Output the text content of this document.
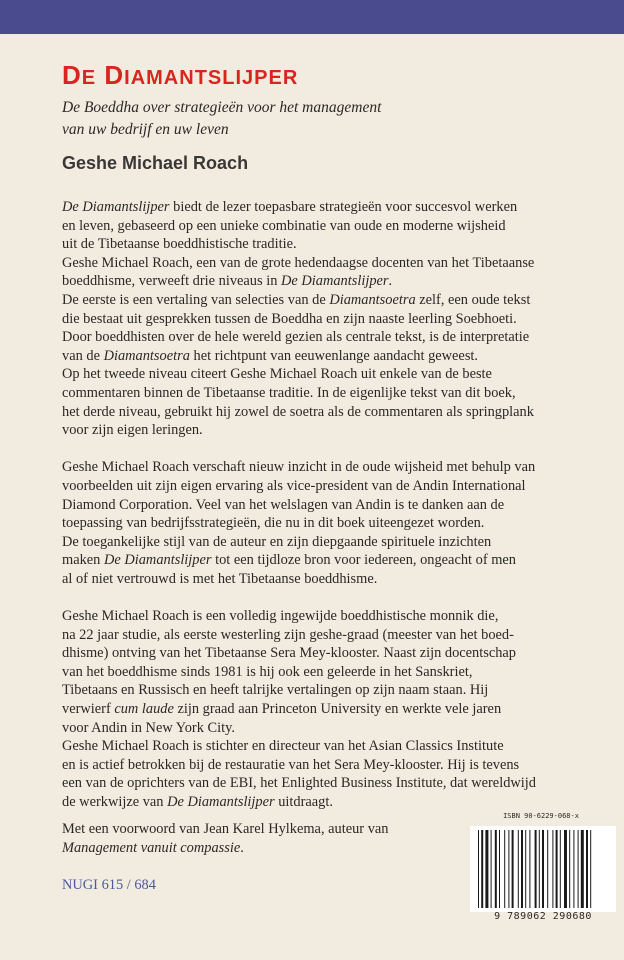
DE DIAMANTSLIJPER
De Boeddha over strategieën voor het management
van uw bedrijf en uw leven
Geshe Michael Roach

De Diamantslijper biedt de lezer toepasbare strategieën voor succesvol werken
en leven, gebaseerd op een unieke combinatie van oude en moderne wijsheid
uit de Tibetaanse boeddhistische traditie.
Geshe Michael Roach, een van de grote hedendaagse docenten van het Tibetaanse
boeddhisme, verweeft drie niveaus in De Diamantslijper.
De eerste is een vertaling van selecties van de Diamantsoetra zelf, een oude tekst
die bestaat uit gesprekken tussen de Boeddha en zijn naaste leerling Soebhoeti.
Door boeddhisten over de hele wereld gezien als centrale tekst, is de interpretatie
van de Diamantsoetra het richtpunt van eeuwenlange aandacht geweest.
Op het tweede niveau citeert Geshe Michael Roach uit enkele van de beste
commentaren binnen de Tibetaanse traditie. In de eigenlijke tekst van dit boek,
het derde niveau, gebruikt hij zowel de soetra als de commentaren als springplank
voor zijn eigen leringen.

Geshe Michael Roach verschaft nieuw inzicht in de oude wijsheid met behulp van
voorbeelden uit zijn eigen ervaring als vice-president van de Andin International
Diamond Corporation. Veel van het welslagen van Andin is te danken aan de
toepassing van bedrijfsstrategieën, die nu in dit boek uiteengezet worden.
De toegankelijke stijl van de auteur en zijn diepgaande spirituele inzichten
maken De Diamantslijper tot een tijdloze bron voor iedereen, ongeacht of men
al of niet vertrouwd is met het Tibetaanse boeddhisme.

Geshe Michael Roach is een volledig ingewijde boeddhistische monnik die,
na 22 jaar studie, als eerste westerling zijn geshe-graad (meester van het boed-
dhisme) ontving van het Tibetaanse Sera Mey-klooster. Naast zijn docentschap
van het boeddhisme sinds 1981 is hij ook een geleerde in het Sanskriet,
Tibetaans en Russisch en heeft talrijke vertalingen op zijn naam staan. Hij
verwierf cum laude zijn graad aan Princeton University en werkte vele jaren
voor Andin in New York City.
Geshe Michael Roach is stichter en directeur van het Asian Classics Institute
en is actief betrokken bij de restauratie van het Sera Mey-klooster. Hij is tevens
een van de oprichters van de EBI, het Enlighted Business Institute, dat wereldwijd
de werkwijze van De Diamantslijper uitdraagt.

Met een voorwoord van Jean Karel Hylkema, auteur van
Management vanuit compassie.
NUGI 615 / 684
ISBN 90-6229-068-x
9 789062 290680
